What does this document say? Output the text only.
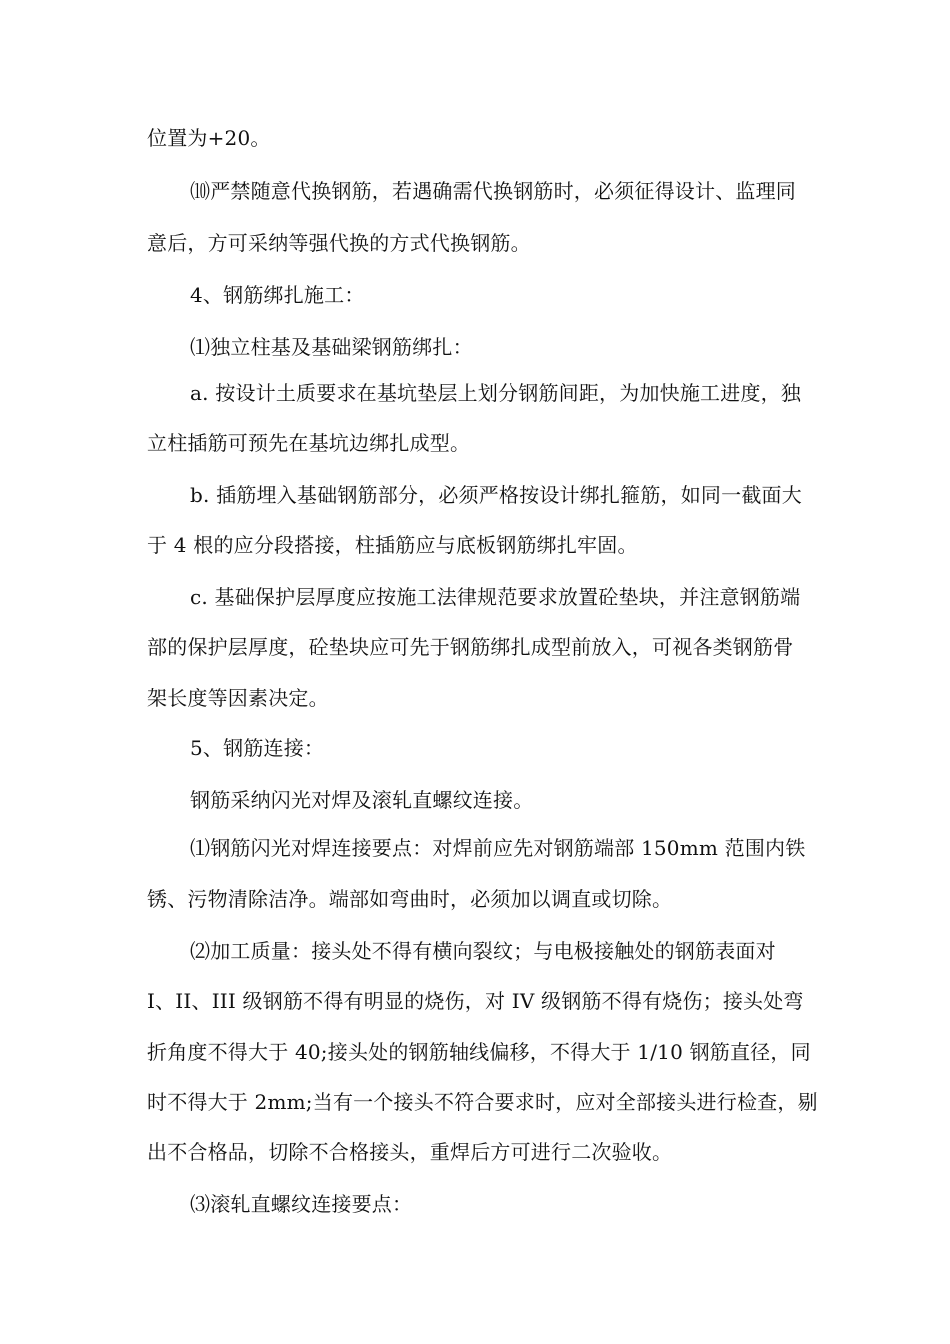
位置为+20。
⑽严禁随意代换钢筋，若遇确需代换钢筋时，必须征得设计、监理同
意后，方可采纳等强代换的方式代换钢筋。
4、钢筋绑扎施工：
⑴独立柱基及基础梁钢筋绑扎：
a. 按设计土质要求在基坑垫层上划分钢筋间距，为加快施工进度，独
立柱插筋可预先在基坑边绑扎成型。
b. 插筋埋入基础钢筋部分，必须严格按设计绑扎箍筋，如同一截面大
于 4 根的应分段搭接，柱插筋应与底板钢筋绑扎牢固。
c. 基础保护层厚度应按施工法律规范要求放置砼垫块，并注意钢筋端
部的保护层厚度，砼垫块应可先于钢筋绑扎成型前放入，可视各类钢筋骨
架长度等因素决定。
5、钢筋连接：
钢筋采纳闪光对焊及滚轧直螺纹连接。
⑴钢筋闪光对焊连接要点：对焊前应先对钢筋端部 150mm 范围内铁
锈、污物清除洁净。端部如弯曲时，必须加以调直或切除。
⑵加工质量：接头处不得有横向裂纹；与电极接触处的钢筋表面对
I、II、III 级钢筋不得有明显的烧伤，对 IV 级钢筋不得有烧伤；接头处弯
折角度不得大于 40;接头处的钢筋轴线偏移，不得大于 1/10 钢筋直径，同
时不得大于 2mm;当有一个接头不符合要求时，应对全部接头进行检查，剔
出不合格品，切除不合格接头，重焊后方可进行二次验收。
⑶滚轧直螺纹连接要点：
